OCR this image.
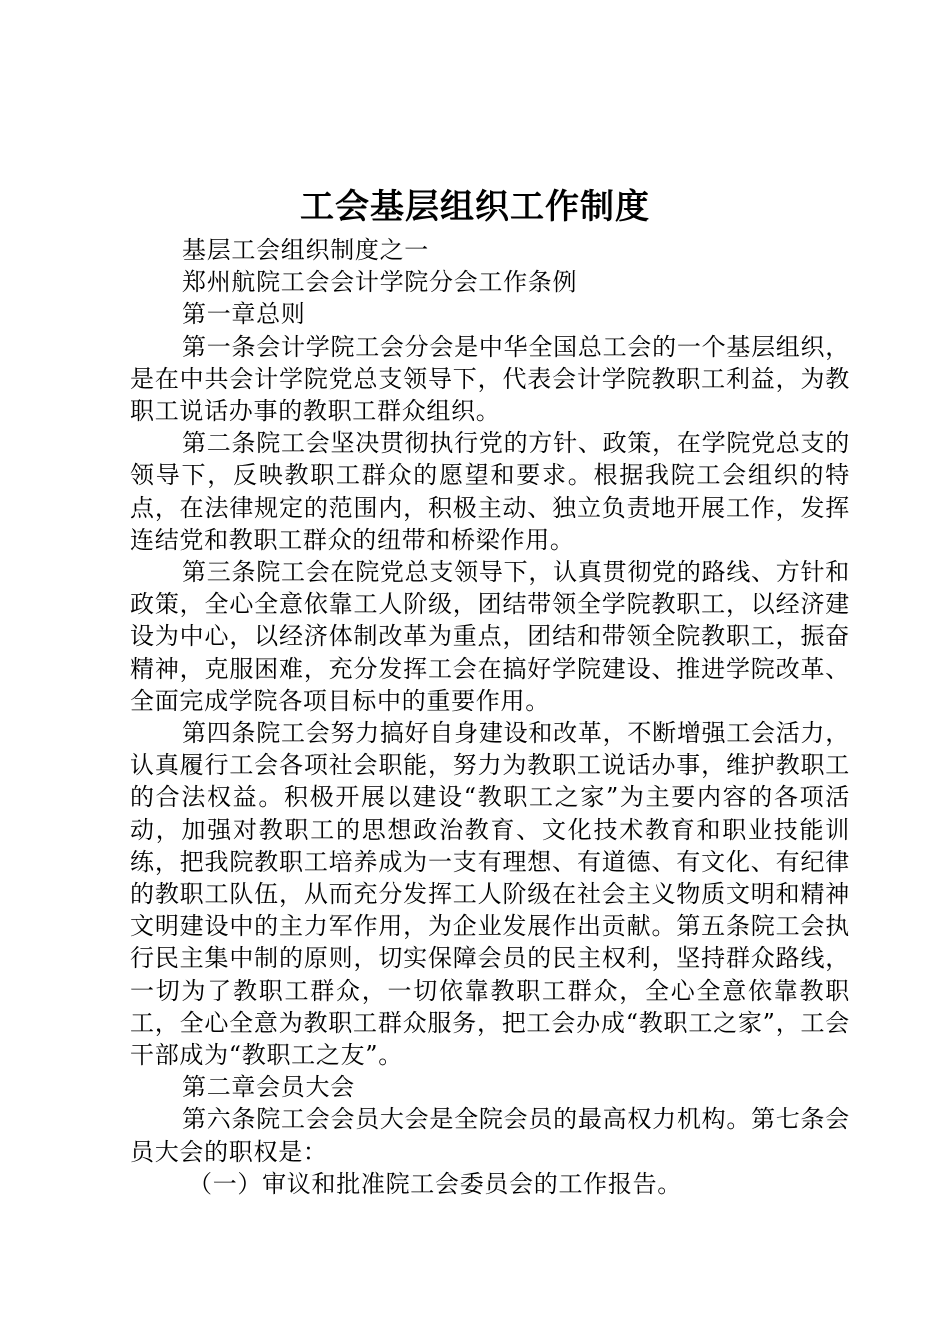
工会基层组织工作制度

基层工会组织制度之一

郑州航院工会会计学院分会工作条例

第一章总则

第一条会计学院工会分会是中华全国总工会的一个基层组织，是在中共会计学院党总支领导下，代表会计学院教职工利益，为教职工说话办事的教职工群众组织。

第二条院工会坚决贯彻执行党的方针、政策，在学院党总支的领导下，反映教职工群众的愿望和要求。根据我院工会组织的特点，在法律规定的范围内，积极主动、独立负责地开展工作，发挥连结党和教职工群众的纽带和桥梁作用。

第三条院工会在院党总支领导下，认真贯彻党的路线、方针和政策，全心全意依靠工人阶级，团结带领全学院教职工，以经济建设为中心，以经济体制改革为重点，团结和带领全院教职工，振奋精神，克服困难，充分发挥工会在搞好学院建设、推进学院改革、全面完成学院各项目标中的重要作用。

第四条院工会努力搞好自身建设和改革，不断增强工会活力，认真履行工会各项社会职能，努力为教职工说话办事，维护教职工的合法权益。积极开展以建设“教职工之家”为主要内容的各项活动，加强对教职工的思想政治教育、文化技术教育和职业技能训练，把我院教职工培养成为一支有理想、有道德、有文化、有纪律的教职工队伍，从而充分发挥工人阶级在社会主义物质文明和精神文明建设中的主力军作用，为企业发展作出贡献。第五条院工会执行民主集中制的原则，切实保障会员的民主权利，坚持群众路线，一切为了教职工群众，一切依靠教职工群众，全心全意依靠教职工，全心全意为教职工群众服务，把工会办成“教职工之家”，工会干部成为“教职工之友”。

第二章会员大会

第六条院工会会员大会是全院会员的最高权力机构。第七条会员大会的职权是：

（一）审议和批准院工会委员会的工作报告。
